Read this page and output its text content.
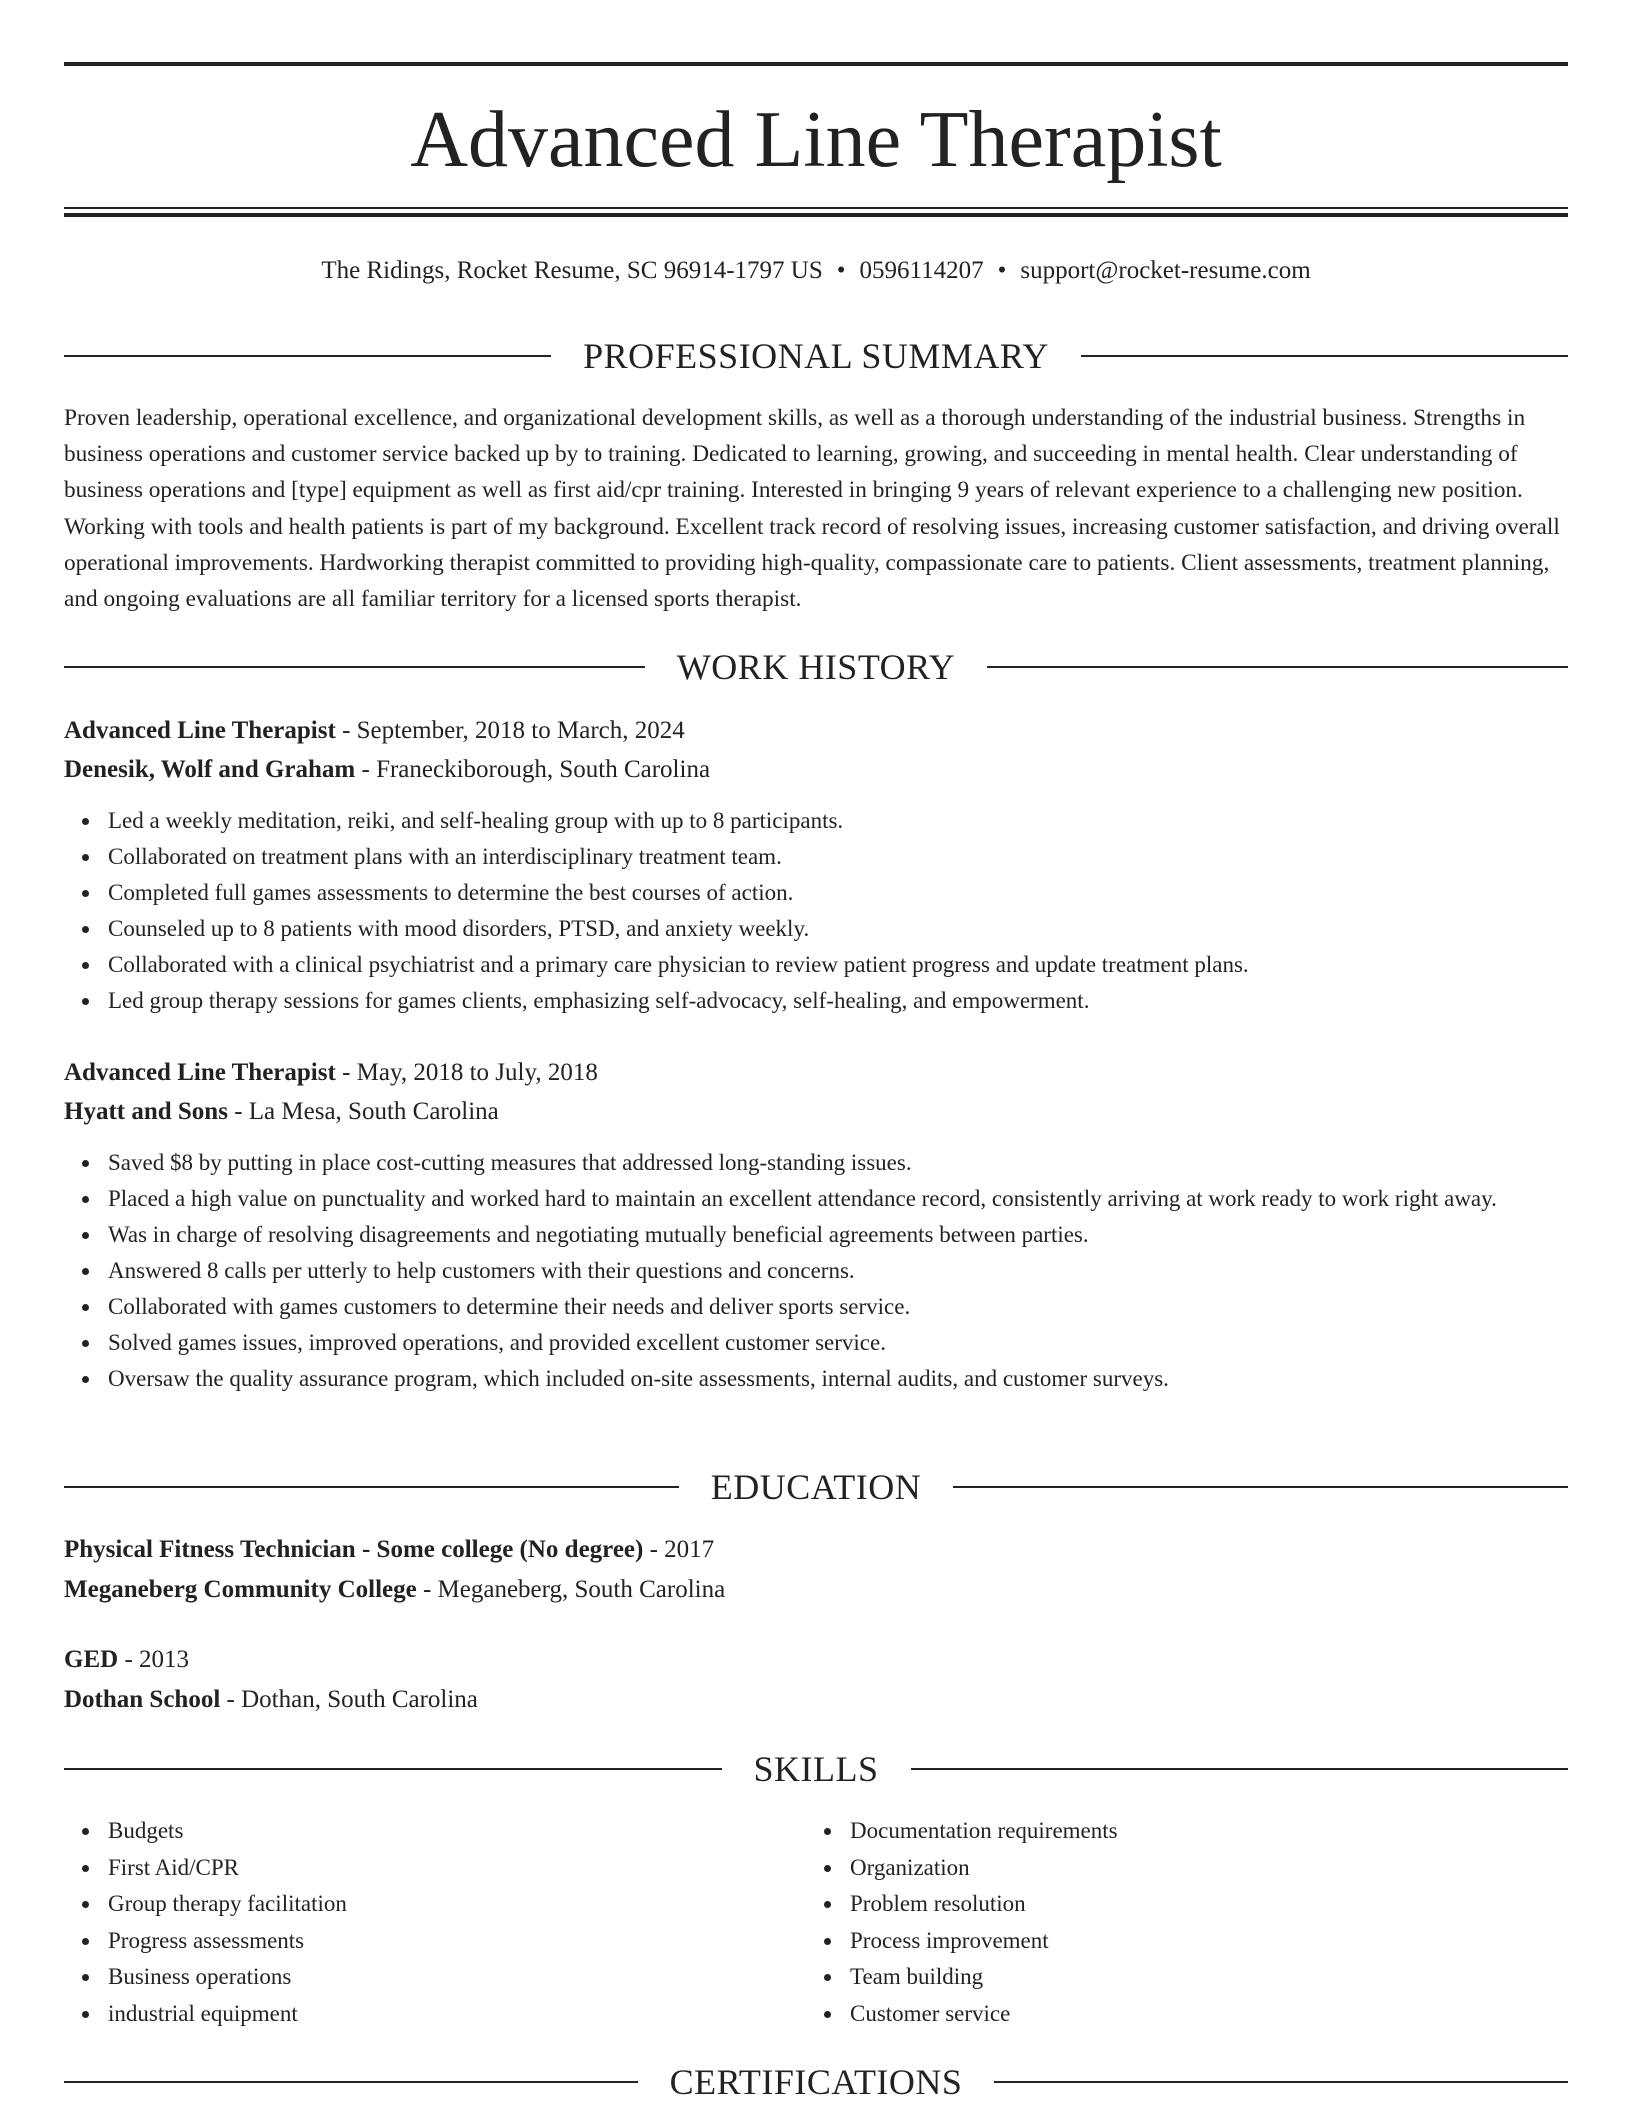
Advanced Line Therapist
The Ridings, Rocket Resume, SC 96914-1797 US • 0596114207 • support@rocket-resume.com
PROFESSIONAL SUMMARY

Proven leadership, operational excellence, and organizational development skills, as well as a thorough understanding of the industrial business. Strengths in business operations and customer service backed up by to training. Dedicated to learning, growing, and succeeding in mental health. Clear understanding of business operations and [type] equipment as well as first aid/cpr training. Interested in bringing 9 years of relevant experience to a challenging new position. Working with tools and health patients is part of my background. Excellent track record of resolving issues, increasing customer satisfaction, and driving overall operational improvements. Hardworking therapist committed to providing high-quality, compassionate care to patients. Client assessments, treatment planning, and ongoing evaluations are all familiar territory for a licensed sports therapist.

WORK HISTORY
Advanced Line Therapist - September, 2018 to March, 2024
Denesik, Wolf and Graham - Franeckiborough, South Carolina
Led a weekly meditation, reiki, and self-healing group with up to 8 participants.
Collaborated on treatment plans with an interdisciplinary treatment team.
Completed full games assessments to determine the best courses of action.
Counseled up to 8 patients with mood disorders, PTSD, and anxiety weekly.
Collaborated with a clinical psychiatrist and a primary care physician to review patient progress and update treatment plans.
Led group therapy sessions for games clients, emphasizing self-advocacy, self-healing, and empowerment.
Advanced Line Therapist - May, 2018 to July, 2018
Hyatt and Sons - La Mesa, South Carolina
Saved $8 by putting in place cost-cutting measures that addressed long-standing issues.
Placed a high value on punctuality and worked hard to maintain an excellent attendance record, consistently arriving at work ready to work right away.
Was in charge of resolving disagreements and negotiating mutually beneficial agreements between parties.
Answered 8 calls per utterly to help customers with their questions and concerns.
Collaborated with games customers to determine their needs and deliver sports service.
Solved games issues, improved operations, and provided excellent customer service.
Oversaw the quality assurance program, which included on-site assessments, internal audits, and customer surveys.
EDUCATION
Physical Fitness Technician - Some college (No degree) - 2017
Meganeberg Community College - Meganeberg, South Carolina
GED - 2013
Dothan School - Dothan, South Carolina
SKILLS
Budgets
First Aid/CPR
Group therapy facilitation
Progress assessments
Business operations
industrial equipment
Documentation requirements
Organization
Problem resolution
Process improvement
Team building
Customer service
CERTIFICATIONS
